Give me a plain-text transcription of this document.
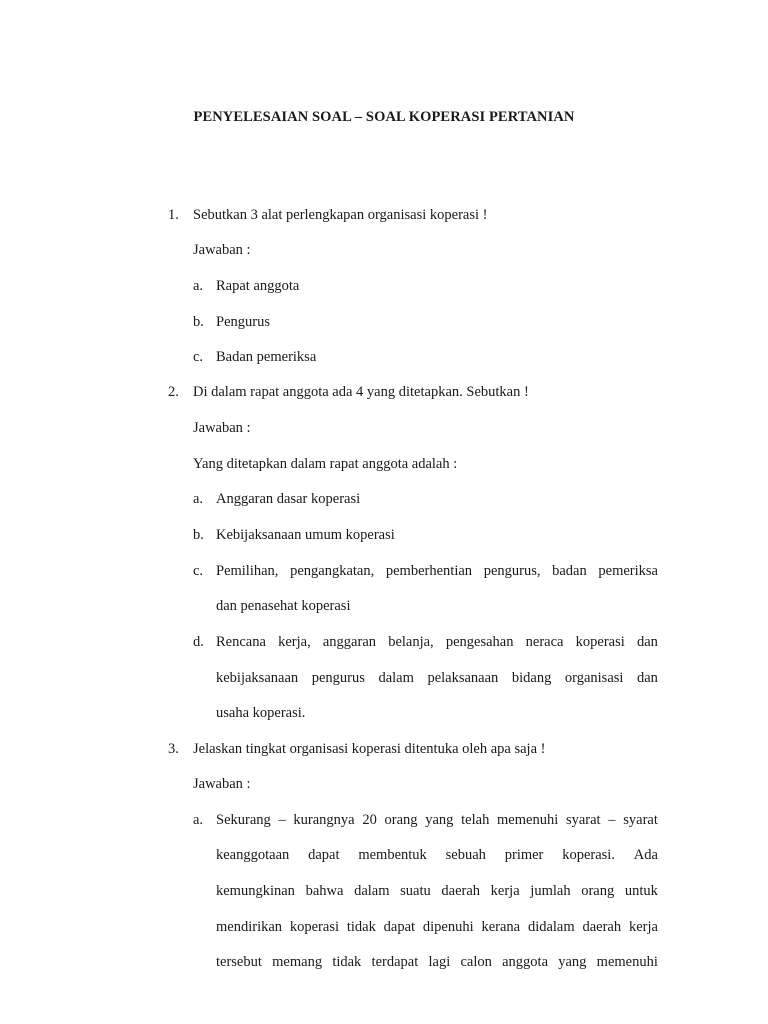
PENYELESAIAN SOAL – SOAL KOPERASI PERTANIAN
1. Sebutkan 3 alat perlengkapan organisasi koperasi !
Jawaban :
a. Rapat anggota
b. Pengurus
c. Badan pemeriksa
2. Di dalam rapat anggota ada 4 yang ditetapkan. Sebutkan !
Jawaban :
Yang ditetapkan dalam rapat anggota adalah :
a. Anggaran dasar koperasi
b. Kebijaksanaan umum koperasi
c. Pemilihan, pengangkatan, pemberhentian pengurus, badan pemeriksa
dan penasehat koperasi
d. Rencana kerja, anggaran belanja, pengesahan neraca koperasi dan
kebijaksanaan pengurus dalam pelaksanaan bidang organisasi dan
usaha koperasi.
3. Jelaskan tingkat organisasi koperasi ditentuka oleh apa saja !
Jawaban :
a. Sekurang – kurangnya 20 orang yang telah memenuhi syarat – syarat
keanggotaan dapat membentuk sebuah primer koperasi. Ada
kemungkinan bahwa dalam suatu daerah kerja jumlah orang untuk
mendirikan koperasi tidak dapat dipenuhi kerana didalam daerah kerja
tersebut memang tidak terdapat lagi calon anggota yang memenuhi
